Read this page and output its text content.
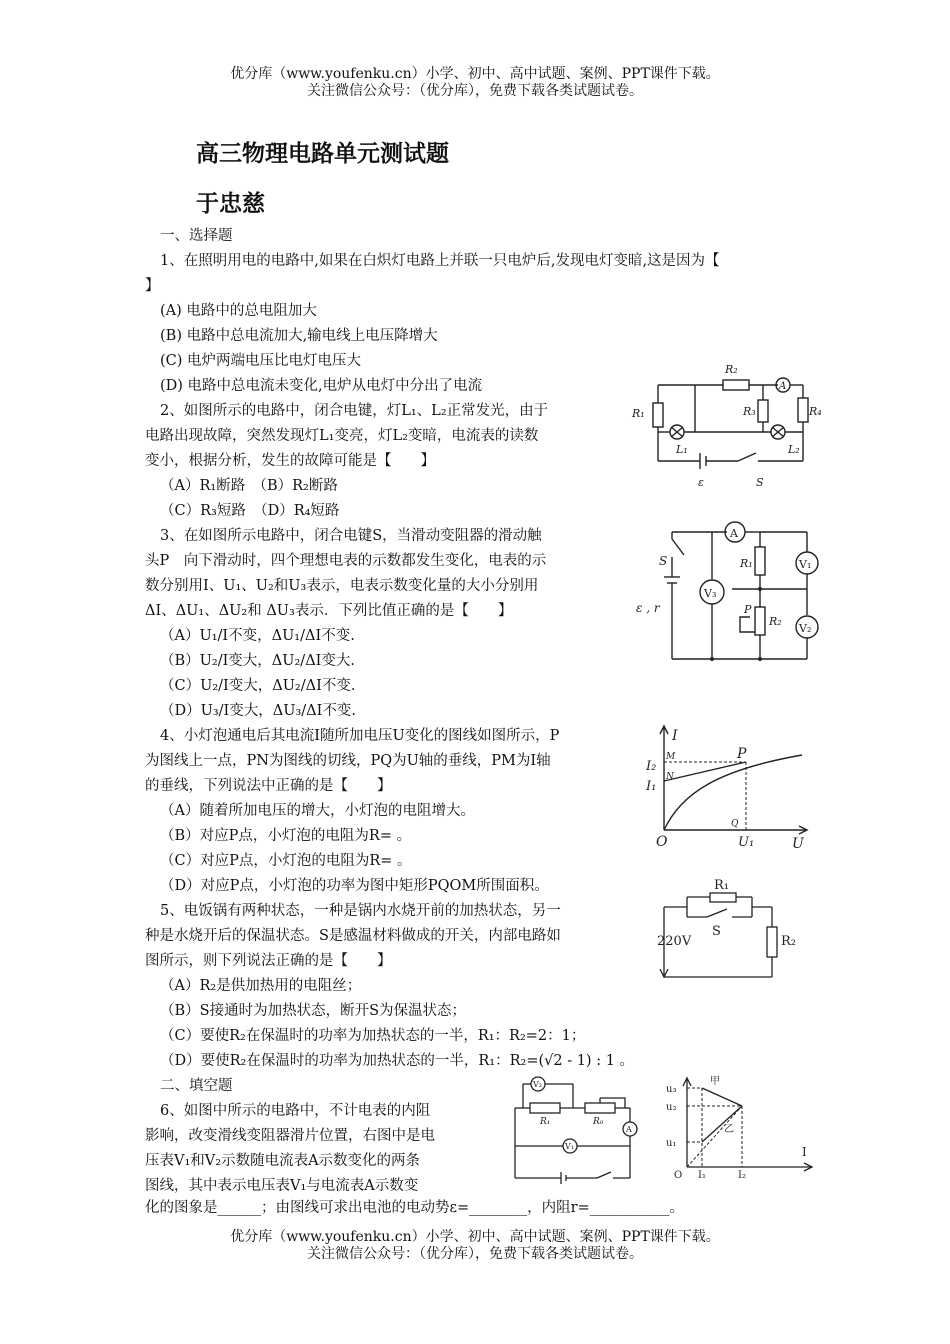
优分库（www.youfenku.cn）小学、初中、高中试题、案例、PPT课件下载。
关注微信公众号：（优分库），免费下载各类试题试卷。
高三物理电路单元测试题
于忠慈
一、选择题
1、在照明用电的电路中,如果在白炽灯电路上并联一只电炉后,发现电灯变暗,这是因为【
】
(A) 电路中的总电阻加大
(B) 电路中总电流加大,输电线上电压降增大
(C) 电炉两端电压比电灯电压大
(D) 电路中总电流未变化,电炉从电灯中分出了电流
2、如图所示的电路中，闭合电键，灯L₁、L₂正常发光，由于
电路出现故障，突然发现灯L₁变亮，灯L₂变暗，电流表的读数
变小，根据分析，发生的故障可能是【　　】
（A）R₁断路　（B）R₂断路
（C）R₃短路　（D）R₄短路
3、在如图所示电路中，闭合电键S，当滑动变阻器的滑动触
头P　向下滑动时，四个理想电表的示数都发生变化，电表的示
数分别用I、U₁、U₂和U₃表示，电表示数变化量的大小分别用
ΔI、ΔU₁、ΔU₂和 ΔU₃表示．下列比值正确的是【　　】
（A）U₁/I不变，ΔU₁/ΔI不变.
（B）U₂/I变大，ΔU₂/ΔI变大.
（C）U₂/I变大，ΔU₂/ΔI不变.
（D）U₃/I变大，ΔU₃/ΔI不变.
4、小灯泡通电后其电流I随所加电压U变化的图线如图所示，P
为图线上一点，PN为图线的切线，PQ为U轴的垂线，PM为I轴
的垂线，下列说法中正确的是【　　】
（A）随着所加电压的增大，小灯泡的电阻增大。
（B）对应P点，小灯泡的电阻为R= 。
（C）对应P点，小灯泡的电阻为R= 。
（D）对应P点，小灯泡的功率为图中矩形PQOM所围面积。
5、电饭锅有两种状态，一种是锅内水烧开前的加热状态，另一
种是水烧开后的保温状态。S是感温材料做成的开关，内部电路如
图所示，则下列说法正确的是【　　】
（A）R₂是供加热用的电阻丝；
（B）S接通时为加热状态，断开S为保温状态；
（C）要使R₂在保温时的功率为加热状态的一半，R₁：R₂=2：1；
（D）要使R₂在保温时的功率为加热状态的一半，R₁：R₂=(√2 - 1) : 1 。
二、填空题
6、如图中所示的电路中，不计电表的内阻
影响，改变滑线变阻器滑片位置，右图中是电
压表V₁和V₂示数随电流表A示数变化的两条
图线，其中表示电压表V₁与电流表A示数变
化的图象是______；由图线可求出电池的电动势ε=________，内阻r=___________。
R₂
A
R₁	R₃	R₄
L₁	L₂
ε	S
A
S
ε , r
V₃
R₁
P
R₂
V₁
V₂
I
U
O
P
M
N
Q
I₂
I₁
U₁
R₁
S
220V	R₂
V₂
R₁	R₀
A
V₁
u₃
u₂
u₁
O I₁	I₂
I
甲
乙
优分库（www.youfenku.cn）小学、初中、高中试题、案例、PPT课件下载。
关注微信公众号：（优分库），免费下载各类试题试卷。
